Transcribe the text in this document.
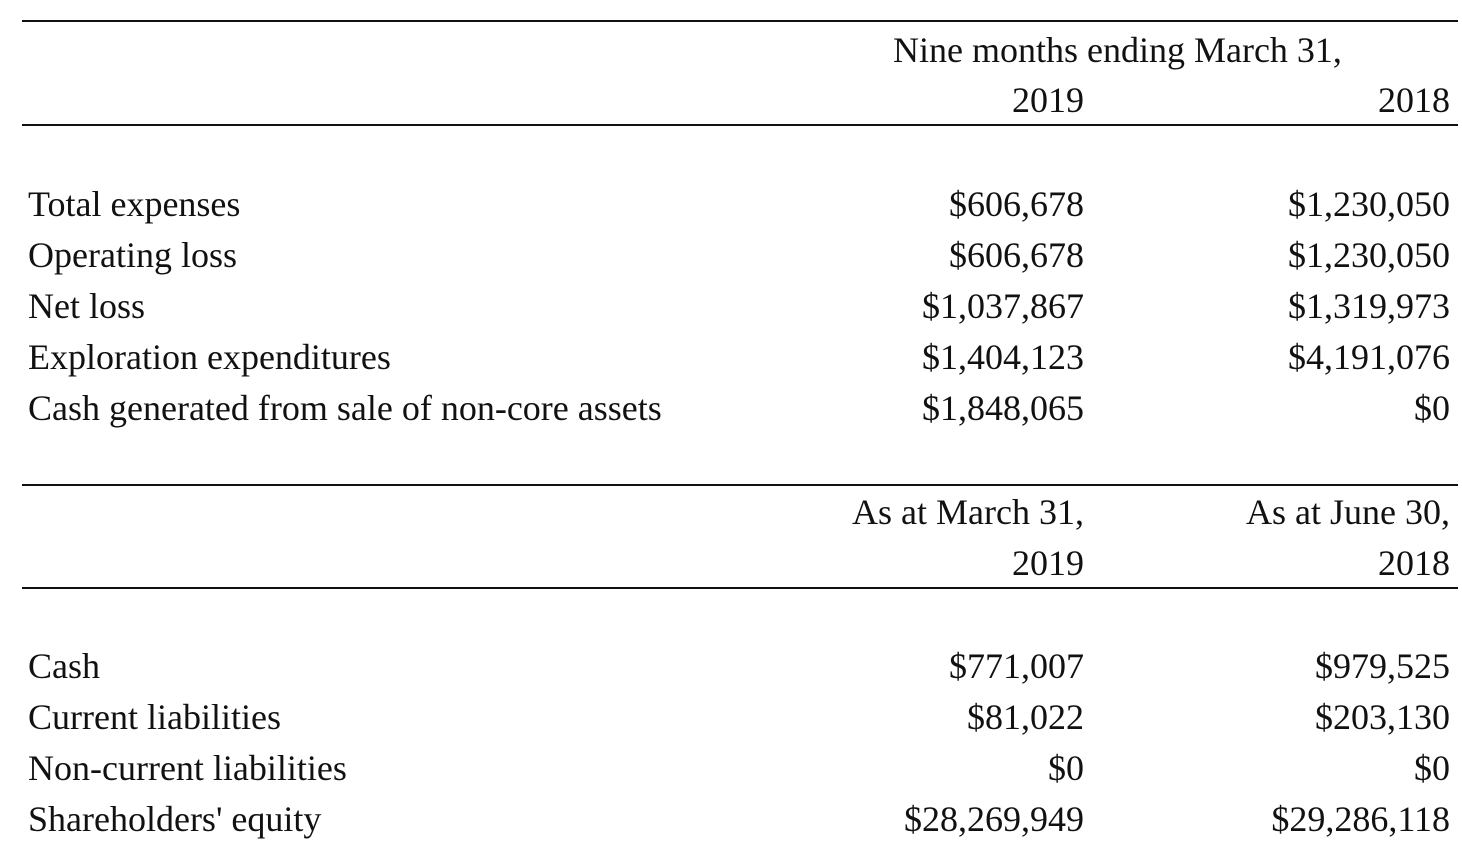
Nine months ending March 31,
2019	2018
Total expenses	$606,678	$1,230,050
Operating loss	$606,678	$1,230,050
Net loss	$1,037,867	$1,319,973
Exploration expenditures	$1,404,123	$4,191,076
Cash generated from sale of non-core assets	$1,848,065	$0
As at March 31,	As at June 30,
2019	2018
Cash	$771,007	$979,525
Current liabilities	$81,022	$203,130
Non-current liabilities	$0	$0
Shareholders' equity	$28,269,949	$29,286,118
